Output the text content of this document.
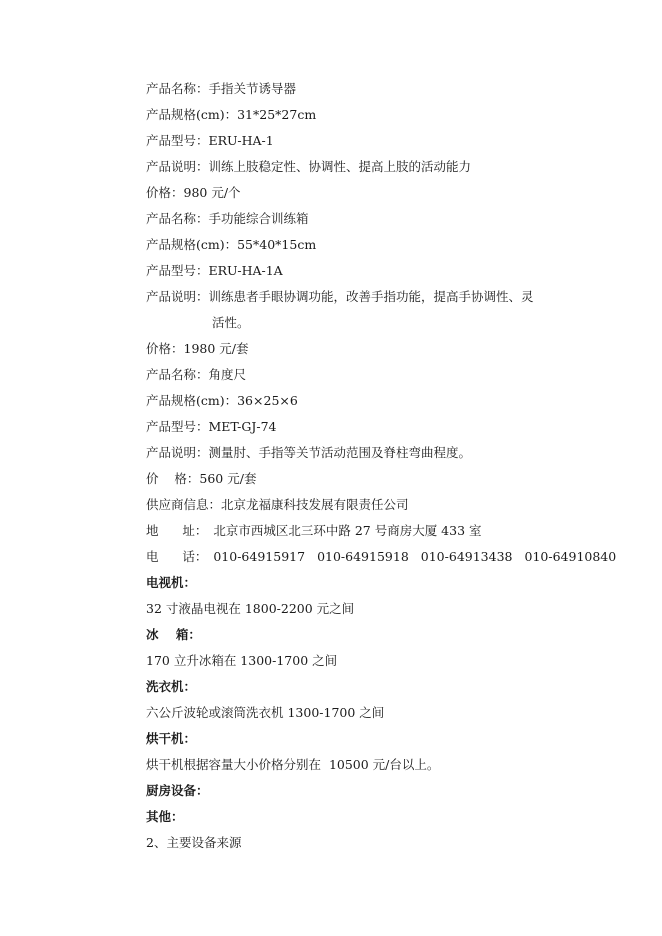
产品名称：手指关节诱导器
产品规格(cm)：31*25*27cm
产品型号：ERU-HA-1
产品说明：训练上肢稳定性、协调性、提高上肢的活动能力
价格：980 元/个
产品名称：手功能综合训练箱
产品规格(cm)：55*40*15cm
产品型号：ERU-HA-1A
产品说明：训练患者手眼协调功能，改善手指功能，提高手协调性、灵
活性。
价格：1980 元/套
产品名称：角度尺
产品规格(cm)：36×25×6
产品型号：MET-GJ-74
产品说明：测量肘、手指等关节活动范围及脊柱弯曲程度。
价    格：560 元/套
供应商信息：北京龙福康科技发展有限责任公司
地      址： 北京市西城区北三环中路 27 号商房大厦 433 室
电      话： 010-64915917 010-64915918 010-64913438 010-64910840
电视机：
32 寸液晶电视在 1800-2200 元之间
冰    箱：
170 立升冰箱在 1300-1700 之间
洗衣机：
六公斤波轮或滚筒洗衣机 1300-1700 之间
烘干机：
烘干机根据容量大小价格分别在  10500 元/台以上。
厨房设备：
其他：
2、主要设备来源
